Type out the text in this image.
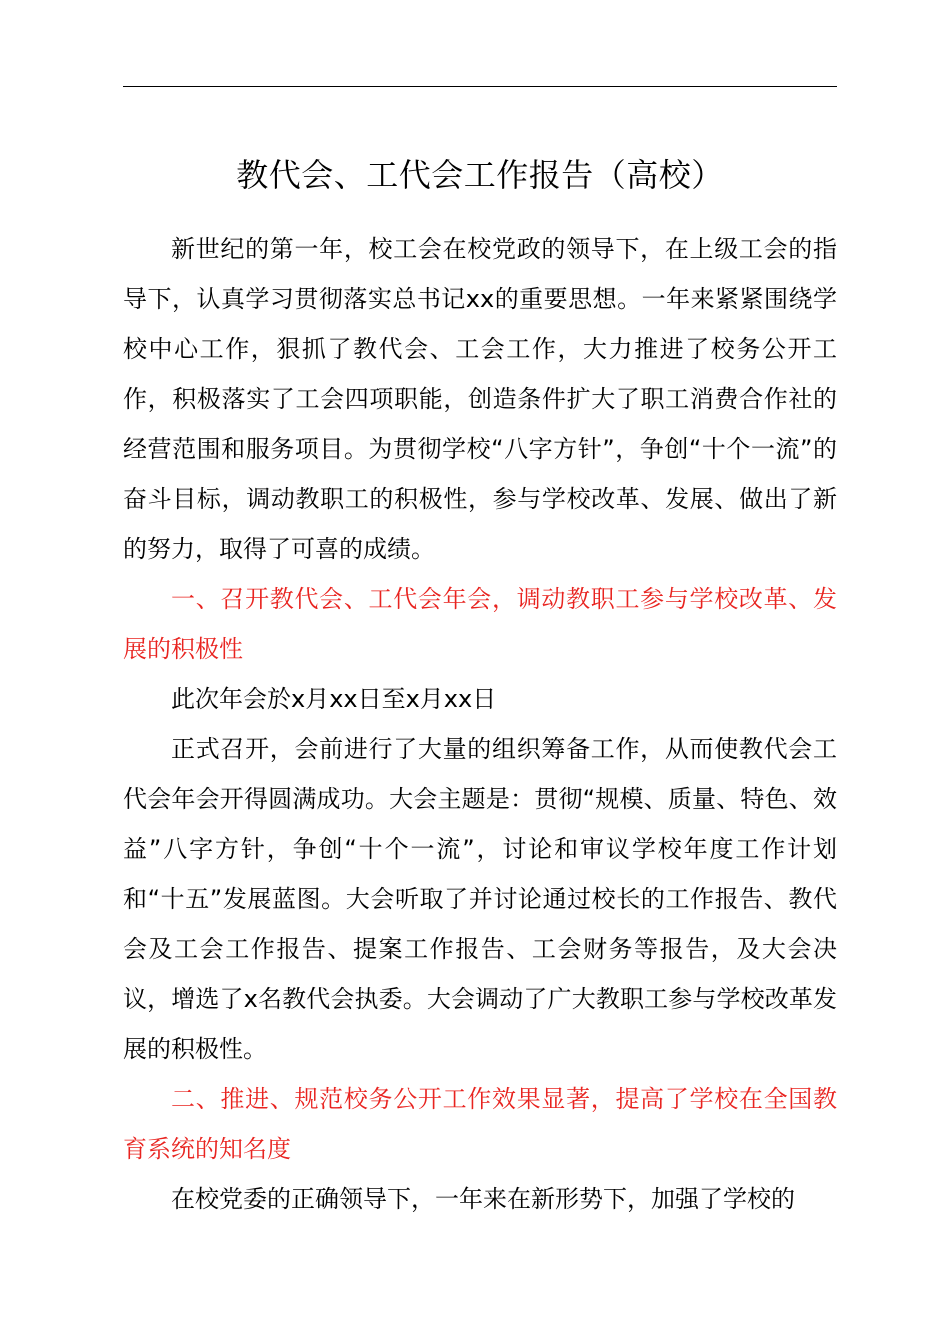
教代会、工代会工作报告（高校）

新世纪的第一年，校工会在校党政的领导下，在上级工会的指导下，认真学习贯彻落实总书记xx的重要思想。一年来紧紧围绕学校中心工作，狠抓了教代会、工会工作，大力推进了校务公开工作，积极落实了工会四项职能，创造条件扩大了职工消费合作社的经营范围和服务项目。为贯彻学校“八字方针”，争创“十个一流”的奋斗目标，调动教职工的积极性，参与学校改革、发展、做出了新的努力，取得了可喜的成绩。

一、召开教代会、工代会年会，调动教职工参与学校改革、发展的积极性

此次年会於x月xx日至x月xx日

正式召开，会前进行了大量的组织筹备工作，从而使教代会工代会年会开得圆满成功。大会主题是：贯彻“规模、质量、特色、效益”八字方针，争创“十个一流”，讨论和审议学校年度工作计划和“十五”发展蓝图。大会听取了并讨论通过校长的工作报告、教代会及工会工作报告、提案工作报告、工会财务等报告，及大会决议，增选了x名教代会执委。大会调动了广大教职工参与学校改革发展的积极性。

二、推进、规范校务公开工作效果显著，提高了学校在全国教育系统的知名度

在校党委的正确领导下，一年来在新形势下，加强了学校的
